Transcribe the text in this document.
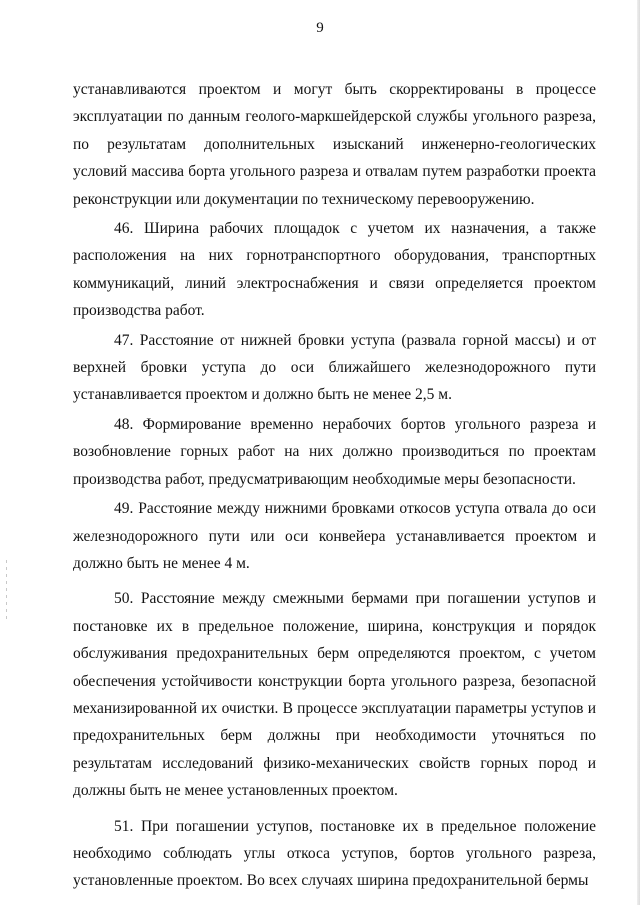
9

устанавливаются проектом и могут быть скорректированы в процессе эксплуатации по данным геолого-маркшейдерской службы угольного разреза, по результатам дополнительных изысканий инженерно-геологических условий массива борта угольного разреза и отвалам путем разработки проекта реконструкции или документации по техническому перевооружению.

46. Ширина рабочих площадок с учетом их назначения, а также расположения на них горнотранспортного оборудования, транспортных коммуникаций, линий электроснабжения и связи определяется проектом производства работ.

47. Расстояние от нижней бровки уступа (развала горной массы) и от верхней бровки уступа до оси ближайшего железнодорожного пути устанавливается проектом и должно быть не менее 2,5 м.

48. Формирование временно нерабочих бортов угольного разреза и возобновление горных работ на них должно производиться по проектам производства работ, предусматривающим необходимые меры безопасности.

49. Расстояние между нижними бровками откосов уступа отвала до оси железнодорожного пути или оси конвейера устанавливается проектом и должно быть не менее 4 м.

50. Расстояние между смежными бермами при погашении уступов и постановке их в предельное положение, ширина, конструкция и порядок обслуживания предохранительных берм определяются проектом, с учетом обеспечения устойчивости конструкции борта угольного разреза, безопасной механизированной их очистки. В процессе эксплуатации параметры уступов и предохранительных берм должны при необходимости уточняться по результатам исследований физико-механических свойств горных пород и должны быть не менее установленных проектом.

51. При погашении уступов, постановке их в предельное положение необходимо соблюдать углы откоса уступов, бортов угольного разреза, установленные проектом. Во всех случаях ширина предохранительной бермы
